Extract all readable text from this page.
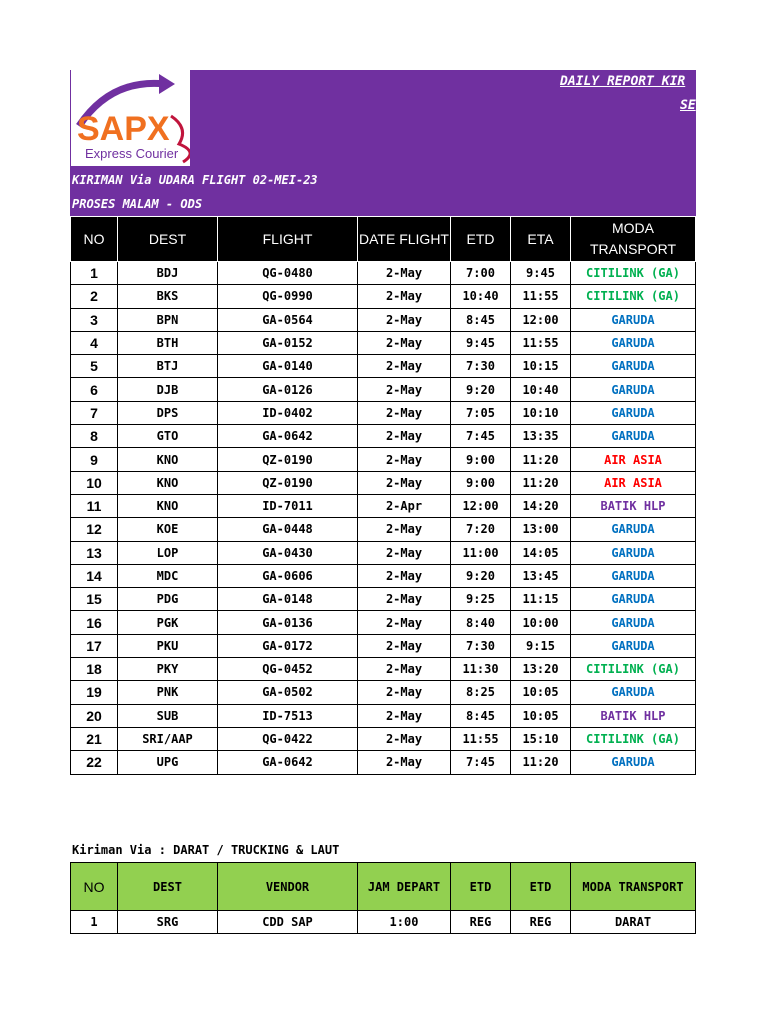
SAPX
Express Courier
DAILY REPORT KIR
SE
KIRIMAN Via UDARA FLIGHT 02-MEI-23
PROSES MALAM - ODS
NO	DEST	FLIGHT	DATE FLIGHT	ETD	ETA	MODA TRANSPORT
1	BDJ	QG-0480	2-May	7:00	9:45	CITILINK (GA)
2	BKS	QG-0990	2-May	10:40	11:55	CITILINK (GA)
3	BPN	GA-0564	2-May	8:45	12:00	GARUDA
4	BTH	GA-0152	2-May	9:45	11:55	GARUDA
5	BTJ	GA-0140	2-May	7:30	10:15	GARUDA
6	DJB	GA-0126	2-May	9:20	10:40	GARUDA
7	DPS	ID-0402	2-May	7:05	10:10	GARUDA
8	GTO	GA-0642	2-May	7:45	13:35	GARUDA
9	KNO	QZ-0190	2-May	9:00	11:20	AIR ASIA
10	KNO	QZ-0190	2-May	9:00	11:20	AIR ASIA
11	KNO	ID-7011	2-Apr	12:00	14:20	BATIK HLP
12	KOE	GA-0448	2-May	7:20	13:00	GARUDA
13	LOP	GA-0430	2-May	11:00	14:05	GARUDA
14	MDC	GA-0606	2-May	9:20	13:45	GARUDA
15	PDG	GA-0148	2-May	9:25	11:15	GARUDA
16	PGK	GA-0136	2-May	8:40	10:00	GARUDA
17	PKU	GA-0172	2-May	7:30	9:15	GARUDA
18	PKY	QG-0452	2-May	11:30	13:20	CITILINK (GA)
19	PNK	GA-0502	2-May	8:25	10:05	GARUDA
20	SUB	ID-7513	2-May	8:45	10:05	BATIK HLP
21	SRI/AAP	QG-0422	2-May	11:55	15:10	CITILINK (GA)
22	UPG	GA-0642	2-May	7:45	11:20	GARUDA
Kiriman Via : DARAT / TRUCKING & LAUT
NO	DEST	VENDOR	JAM DEPART	ETD	ETD	MODA TRANSPORT
1	SRG	CDD SAP	1:00	REG	REG	DARAT
